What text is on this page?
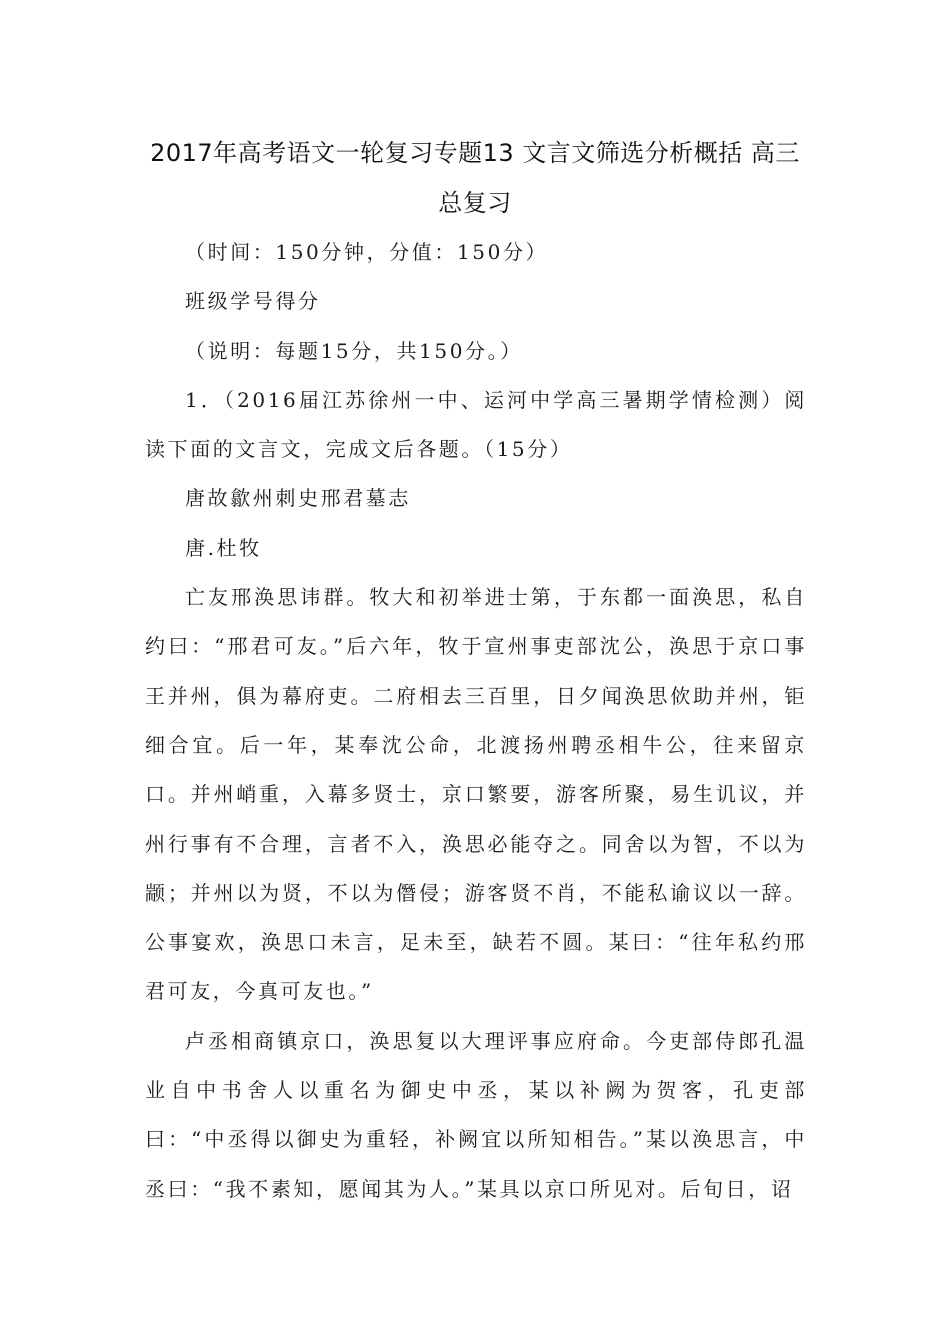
2017年高考语文一轮复习专题13 文言文筛选分析概括 高三总复习

（时间：150分钟，分值：150分）

班级学号得分

（说明：每题15分，共150分。）

1．（2016届江苏徐州一中、运河中学高三暑期学情检测）阅读下面的文言文，完成文后各题。（15分）

唐故歙州刺史邢君墓志

唐.杜牧

亡友邢涣思讳群。牧大和初举进士第，于东都一面涣思，私自约曰：“邢君可友。”后六年，牧于宣州事吏部沈公，涣思于京口事王并州，俱为幕府吏。二府相去三百里，日夕闻涣思佽助并州，钜细合宜。后一年，某奉沈公命，北渡扬州聘丞相牛公，往来留京口。并州峭重，入幕多贤士，京口繁要，游客所聚，易生讥议，并州行事有不合理，言者不入，涣思必能夺之。同舍以为智，不以为颛；并州以为贤，不以为僭侵；游客贤不肖，不能私谕议以一辞。公事宴欢，涣思口未言，足未至，缺若不圆。某曰：“往年私约邢君可友，今真可友也。”

卢丞相商镇京口，涣思复以大理评事应府命。今吏部侍郎孔温业自中书舍人以重名为御史中丞，某以补阙为贺客，孔吏部曰：“中丞得以御史为重轻，补阙宜以所知相告。”某以涣思言，中丞曰：“我不素知，愿闻其为人。”某具以京口所见对。后旬日，诏
